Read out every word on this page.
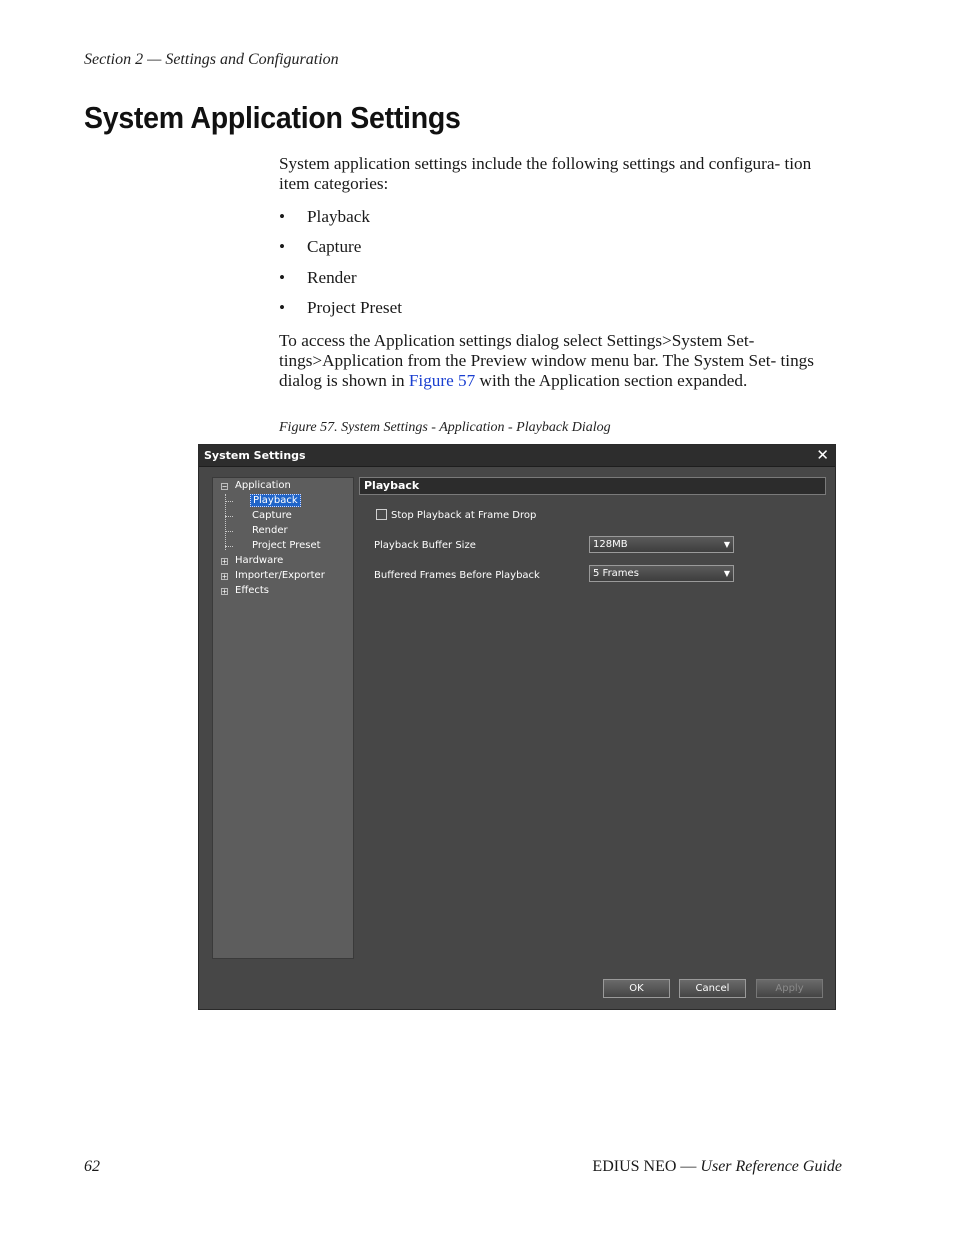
Section 2 — Settings and Configuration
System Application Settings
System application settings include the following settings and configura- tion item categories:
• Playback
• Capture
• Render
• Project Preset
To access the Application settings dialog select Settings>System Set- tings>Application from the Preview window menu bar. The System Set- tings dialog is shown in Figure 57 with the Application section expanded.
Figure 57. System Settings - Application - Playback Dialog
System Settings	✕
− Application
Playback
Capture
Render
Project Preset
+ Hardware
+ Importer/Exporter
+ Effects
Playback
Stop Playback at Frame Drop
Playback Buffer Size	128MB	▼
Buffered Frames Before Playback	5 Frames	▼
OK	Cancel	Apply
62	EDIUS NEO — User Reference Guide
